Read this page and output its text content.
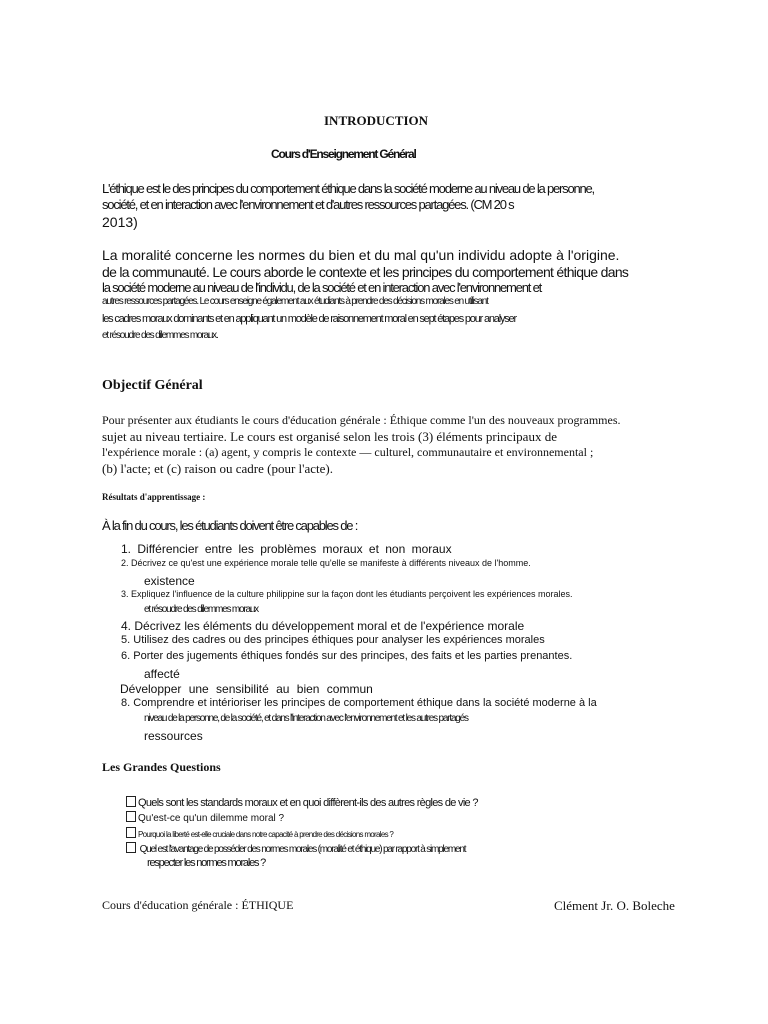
INTRODUCTION
Cours d'Enseignement Général
L'éthique est le des principes du comportement éthique dans la société moderne au niveau de la personne,
société, et en interaction avec l'environnement et d'autres ressources partagées. (CM 20 s
2013)
La moralité concerne les normes du bien et du mal qu'un individu adopte à l'origine.
de la communauté. Le cours aborde le contexte et les principes du comportement éthique dans
la société moderne au niveau de l'individu, de la société et en interaction avec l'environnement et
autres ressources partagées. Le cours enseigne également aux étudiants à prendre des décisions morales en utilisant
les cadres moraux dominants et en appliquant un modèle de raisonnement moral en sept étapes pour analyser
et résoudre des dilemmes moraux.
Objectif Général
Pour présenter aux étudiants le cours d'éducation générale : Éthique comme l'un des nouveaux programmes.
sujet au niveau tertiaire. Le cours est organisé selon les trois (3) éléments principaux de
l'expérience morale : (a) agent, y compris le contexte — culturel, communautaire et environnemental ;
(b) l'acte; et (c) raison ou cadre (pour l'acte).
Résultats d'apprentissage :
À la fin du cours, les étudiants doivent être capables de :
1. Différencier entre les problèmes moraux et non moraux
2. Décrivez ce qu'est une expérience morale telle qu'elle se manifeste à différents niveaux de l'homme.
existence
3. Expliquez l'influence de la culture philippine sur la façon dont les étudiants perçoivent les expériences morales.
et résoudre des dilemmes moraux
4. Décrivez les éléments du développement moral et de l'expérience morale
5. Utilisez des cadres ou des principes éthiques pour analyser les expériences morales
6. Porter des jugements éthiques fondés sur des principes, des faits et les parties prenantes.
affecté
Développer une sensibilité au bien commun
8. Comprendre et intérioriser les principes de comportement éthique dans la société moderne à la
niveau de la personne, de la société, et dans l'interaction avec l'environnement et les autres partagés
ressources
Les Grandes Questions
Quels sont les standards moraux et en quoi diffèrent-ils des autres règles de vie ?
Qu'est-ce qu'un dilemme moral ?
Pourquoi la liberté est-elle cruciale dans notre capacité à prendre des décisions morales ?
Quel est l'avantage de posséder des normes morales (moralité et éthique) par rapport à simplement
respecter les normes morales ?
Cours d'éducation générale : ÉTHIQUE	Clément Jr. O. Boleche
